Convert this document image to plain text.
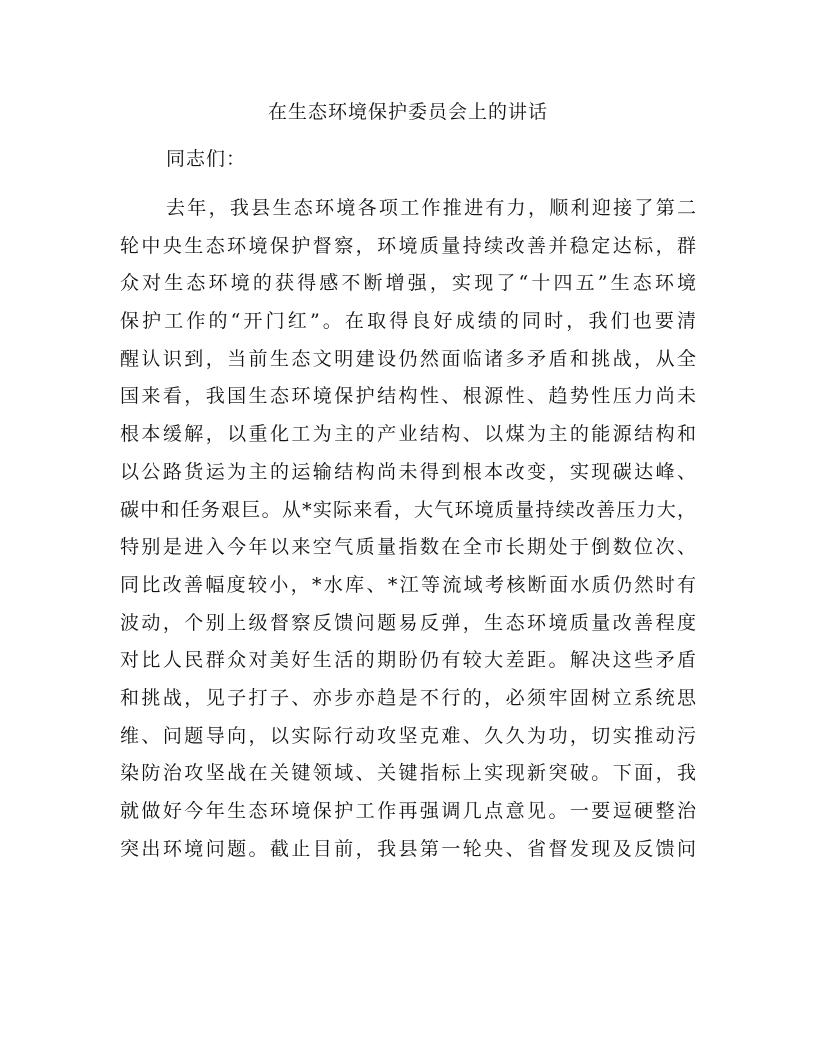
在生态环境保护委员会上的讲话
同志们：
去年，我县生态环境各项工作推进有力，顺利迎接了第二
轮中央生态环境保护督察，环境质量持续改善并稳定达标，群
众对生态环境的获得感不断增强，实现了“十四五”生态环境
保护工作的“开门红”。在取得良好成绩的同时，我们也要清
醒认识到，当前生态文明建设仍然面临诸多矛盾和挑战，从全
国来看，我国生态环境保护结构性、根源性、趋势性压力尚未
根本缓解，以重化工为主的产业结构、以煤为主的能源结构和
以公路货运为主的运输结构尚未得到根本改变，实现碳达峰、
碳中和任务艰巨。从*实际来看，大气环境质量持续改善压力大，
特别是进入今年以来空气质量指数在全市长期处于倒数位次、
同比改善幅度较小，*水库、*江等流域考核断面水质仍然时有
波动，个别上级督察反馈问题易反弹，生态环境质量改善程度
对比人民群众对美好生活的期盼仍有较大差距。解决这些矛盾
和挑战，见子打子、亦步亦趋是不行的，必须牢固树立系统思
维、问题导向，以实际行动攻坚克难、久久为功，切实推动污
染防治攻坚战在关键领域、关键指标上实现新突破。下面，我
就做好今年生态环境保护工作再强调几点意见。一要逗硬整治
突出环境问题。截止目前，我县第一轮央、省督发现及反馈问
